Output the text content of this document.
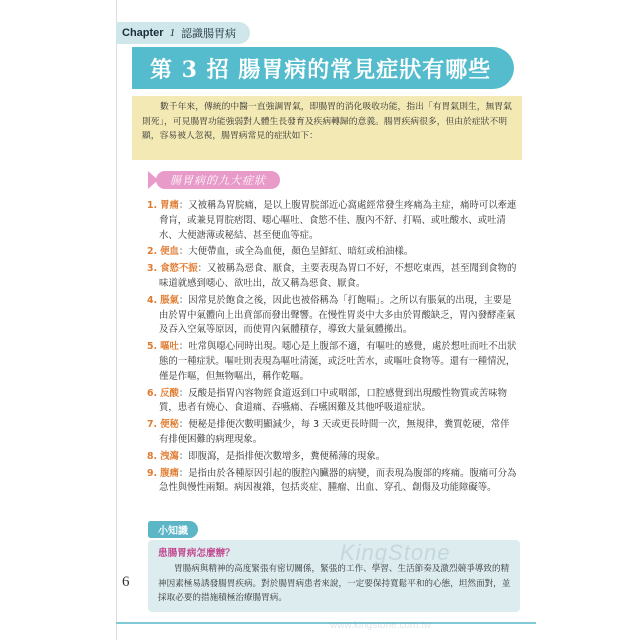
Chapter 1 認識腸胃病
第 3 招 腸胃病的常見症狀有哪些
數千年來，傳統的中醫一直強調胃氣，即腸胃的消化吸收功能，指出「有胃氣則生，無胃氣則死」，可見腸胃功能強弱對人體生長發育及疾病轉歸的意義。腸胃疾病很多，但由於症狀不明顯，容易被人忽視，腸胃病常見的症狀如下：
腸胃病的九大症狀
1. 胃痛：又被稱為胃脘痛，是以上腹胃脘部近心窩處經常發生疼痛為主症，痛時可以牽連脅肓，或兼見胃脘痞悶、噁心嘔吐、食慾不佳、腹內不舒、打嗝、或吐酸水、或吐清水、大便溏薄或秘結、甚至便血等症。
2. 便血：大便帶血，或全為血便，顏色呈鮮紅、暗紅或柏油樣。
3. 食慾不振：又被稱為惡食、厭食，主要表現為胃口不好，不想吃東西，甚至聞到食物的味道就感到噁心、欲吐出，故又稱為惡食、厭食。
4. 脹氣：因常見於飽食之後，因此也被俗稱為「打飽嗝」。之所以有脹氣的出現，主要是由於胃中氣體向上出賁部而發出聲響。在慢性胃炎中大多由於胃酸缺乏，胃內發酵產氣及吞入空氣等原因，而使胃內氣體積存，導致大量氣體搬出。
5. 嘔吐：吐常與噁心同時出現。噁心是上腹部不適，有嘔吐的感覺，處於想吐而吐不出狀態的一種症狀。嘔吐則表現為嘔吐清涎，或泛吐苦水，或嘔吐食物等。還有一種情況，僅是作嘔，但無物嘔出，稱作乾嘔。
6. 反酸：反酸是指胃內容物經食道返到口中或咽部，口腔感覺到出現酸性物質或苦味物質，患者有燒心、食道痛、吞嚥痛、吞嚥困難及其他呼吸道症狀。
7. 便秘：便秘是排便次數明顯減少，每 3 天或更長時間一次，無規律，糞質乾硬，常伴有排便困難的病理現象。
8. 洩瀉：即腹瀉，是指排便次數增多，糞便稀薄的現象。
9. 腹痛：是指由於各種原因引起的腹腔內臟器的病變，而表現為腹部的疼痛。腹痛可分為急性與慢性兩類。病因複雜，包括炎症、腫瘤、出血、穿孔、創傷及功能障礙等。
小知識
患腸胃病怎麼辦？
胃腸病與精神的高度緊張有密切關係，緊張的工作、學習、生活節奏及激烈競爭導致的精神因素極易誘發腸胃疾病。對於腸胃病患者來說，一定要保持寬鬆平和的心態，坦然面對，並採取必要的措施積極治療腸胃病。
6
KingStone
www.kingstone.com.tw
